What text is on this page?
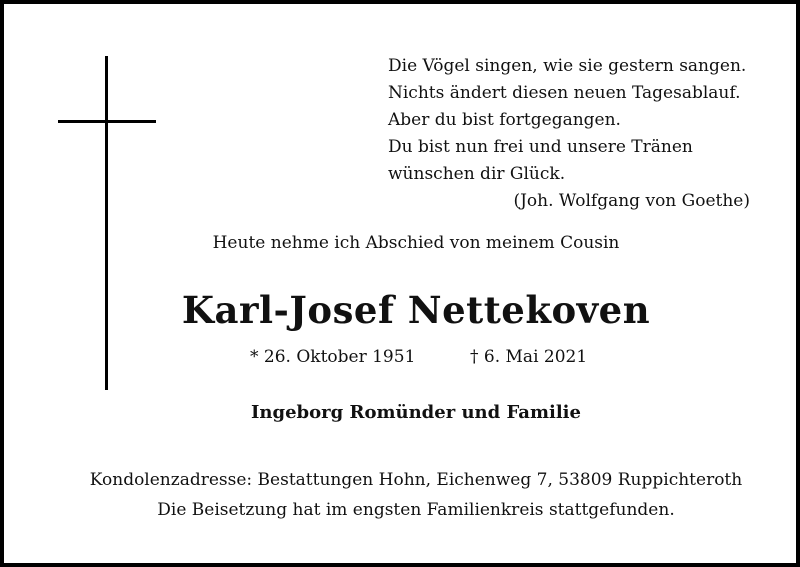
Die Vögel singen, wie sie gestern sangen.
Nichts ändert diesen neuen Tagesablauf.
Aber du bist fortgegangen.
Du bist nun frei und unsere Tränen
wünschen dir Glück.
(Joh. Wolfgang von Goethe)
Heute nehme ich Abschied von meinem Cousin
Karl-Josef Nettekoven
* 26. Oktober 1951	† 6. Mai 2021
Ingeborg Romünder und Familie
Kondolenzadresse: Bestattungen Hohn, Eichenweg 7, 53809 Ruppichteroth
Die Beisetzung hat im engsten Familienkreis stattgefunden.
